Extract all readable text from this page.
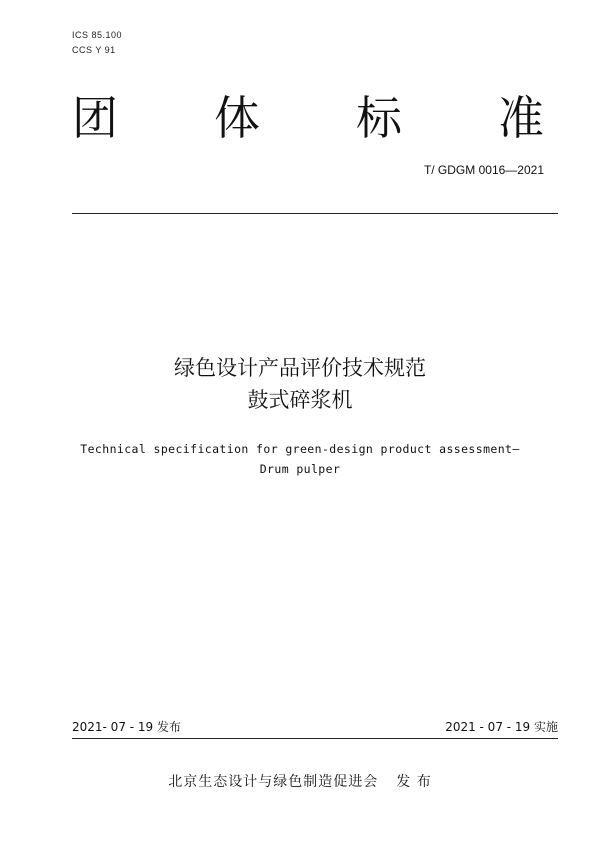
ICS 85.100
CCS Y 91
团 体 标 准
T/ GDGM 0016—2021
绿色设计产品评价技术规范
鼓式碎浆机
Technical specification for green-design product assessment—
Drum pulper
2021- 07 - 19 发布	2021 - 07 - 19 实施
北京生态设计与绿色制造促进会 发 布
